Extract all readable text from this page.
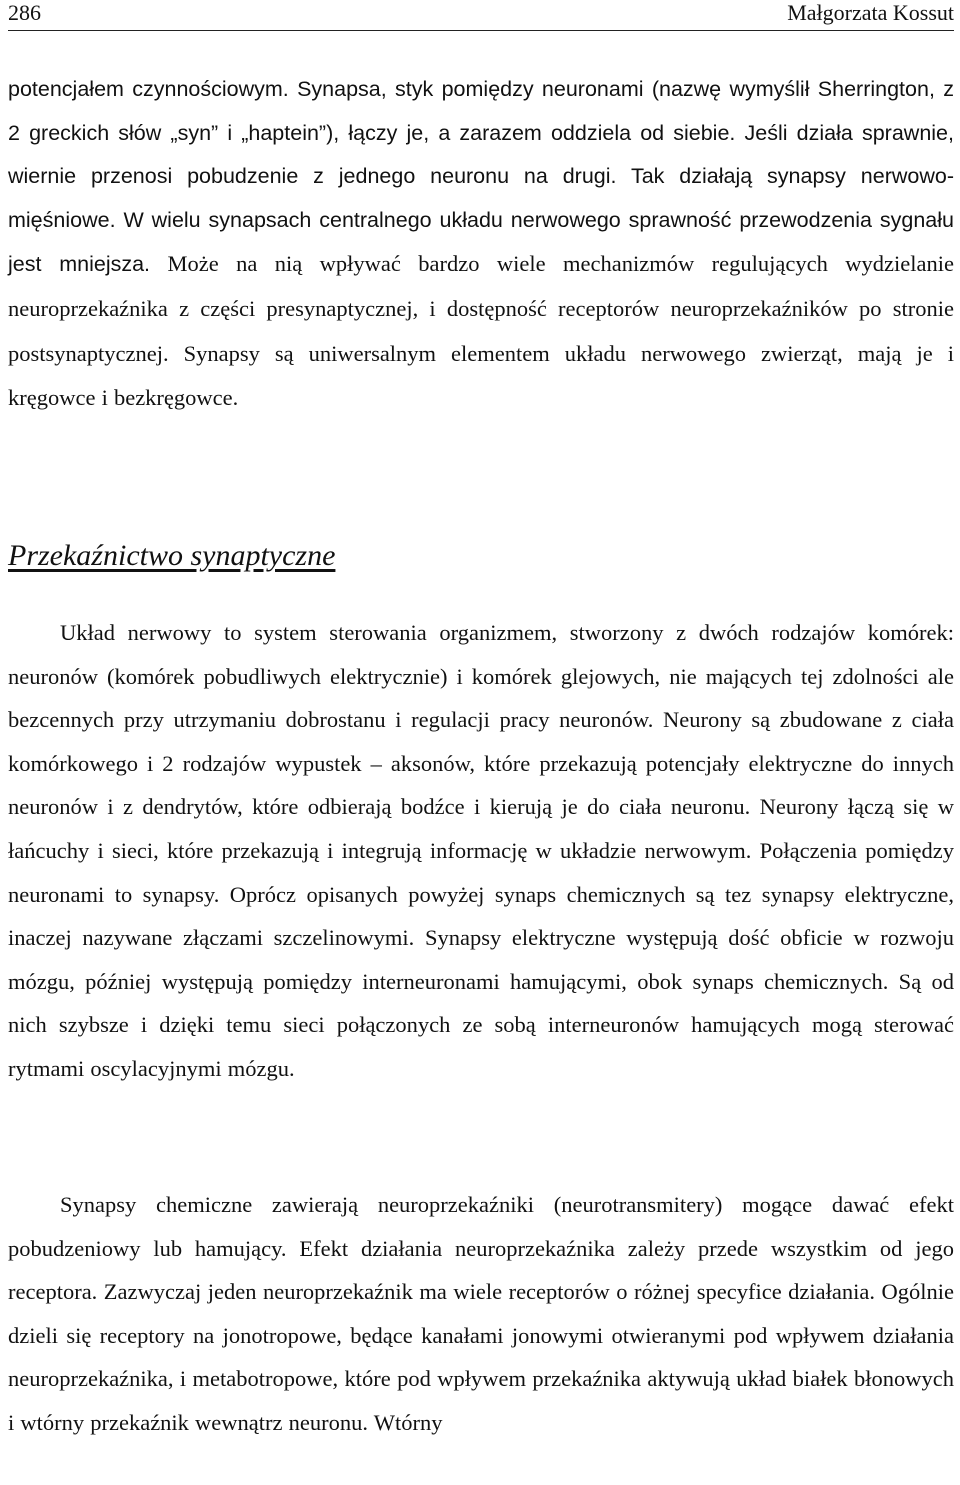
286	Małgorzata Kossut

potencjałem czynnościowym. Synapsa, styk pomiędzy neuronami (nazwę wymyślił Sherrington, z 2 greckich słów „syn” i „haptein”), łączy je, a zarazem oddziela od siebie. Jeśli działa sprawnie, wiernie przenosi pobudzenie z jednego neuronu na drugi. Tak działają synapsy nerwowo-mięśniowe. W wielu synapsach centralnego układu nerwowego sprawność przewodzenia sygnału jest mniejsza. Może na nią wpływać bardzo wiele mechanizmów regulujących wydzielanie neuroprzekaźnika z części presynaptycznej, i dostępność receptorów neuroprzekaźników po stronie postsynaptycznej. Synapsy są uniwersalnym elementem układu nerwowego zwierząt, mają je i kręgowce i bezkręgowce.

Przekaźnictwo synaptyczne

Układ nerwowy to system sterowania organizmem, stworzony z dwóch rodzajów komórek: neuronów (komórek pobudliwych elektrycznie) i komórek glejowych, nie mających tej zdolności ale bezcennych przy utrzymaniu dobrostanu i regulacji pracy neuronów. Neurony są zbudowane z ciała komórkowego i 2 rodzajów wypustek – aksonów, które przekazują potencjały elektryczne do innych neuronów i z dendrytów, które odbierają bodźce i kierują je do ciała neuronu. Neurony łączą się w łańcuchy i sieci, które przekazują i integrują informację w układzie nerwowym. Połączenia pomiędzy neuronami to synapsy. Oprócz opisanych powyżej synaps chemicznych są tez synapsy elektryczne, inaczej nazywane złączami szczelinowymi. Synapsy elektryczne występują dość obficie w rozwoju mózgu, później występują pomiędzy interneuronami hamującymi, obok synaps chemicznych. Są od nich szybsze i dzięki temu sieci połączonych ze sobą interneuronów hamujących mogą sterować rytmami oscylacyjnymi mózgu.

Synapsy chemiczne zawierają neuroprzekaźniki (neurotransmitery) mogące dawać efekt pobudzeniowy lub hamujący. Efekt działania neuroprzekaźnika zależy przede wszystkim od jego receptora. Zazwyczaj jeden neuroprzekaźnik ma wiele receptorów o różnej specyfice działania. Ogólnie dzieli się receptory na jonotropowe, będące kanałami jonowymi otwieranymi pod wpływem działania neuroprzekaźnika, i metabotropowe, które pod wpływem przekaźnika aktywują układ białek błonowych i wtórny przekaźnik wewnątrz neuronu. Wtórny
